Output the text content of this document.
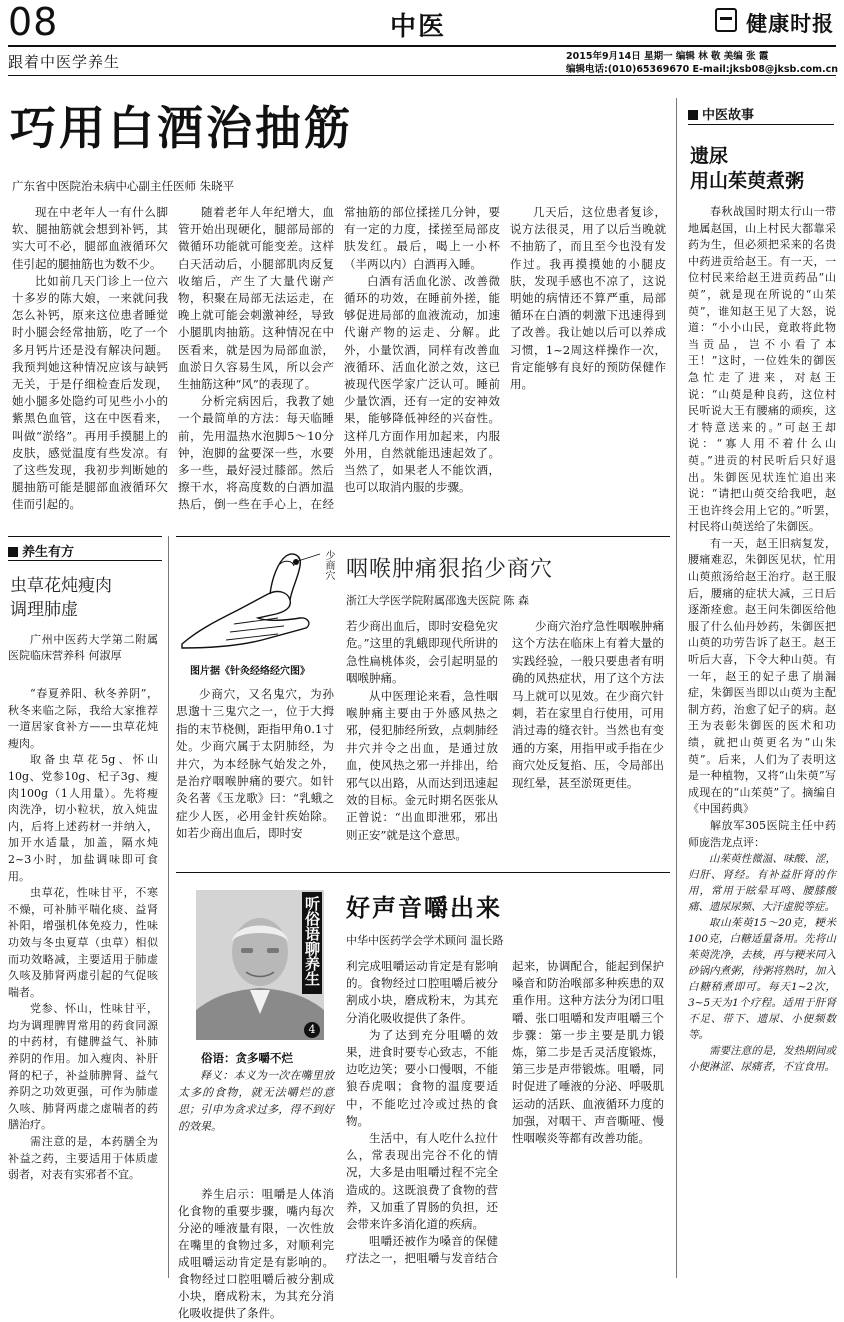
08	中医	健康时报
跟着中医学养生	2015年9月14日 星期一 编辑 林 敬 美编 张 霞
编辑电话:(010)65369670 E-mail:jksb08@jksb.com.cn
巧用白酒治抽筋
广东省中医院治未病中心副主任医师 朱晓平

现在中老年人一有什么脚软、腿抽筋就会想到补钙，其实大可不必，腿部血液循环欠佳引起的腿抽筋也为数不少。

比如前几天门诊上一位六十多岁的陈大娘，一来就问我怎么补钙，原来这位患者睡觉时小腿会经常抽筋，吃了一个多月钙片还是没有解决问题。我预判她这种情况应该与缺钙无关，于是仔细检查后发现，她小腿多处隐约可见些小小的紫黑色血管，这在中医看来，叫做“淤络”。再用手摸腿上的皮肤，感觉温度有些发凉。有了这些发现，我初步判断她的腿抽筋可能是腿部血液循环欠佳而引起的。

随着老年人年纪增大，血管开始出现硬化，腿部局部的微循环功能就可能变差。这样白天活动后，小腿部肌肉反复收缩后，产生了大量代谢产物，积聚在局部无法运走，在晚上就可能会刺激神经，导致小腿肌肉抽筋。这种情况在中医看来，就是因为局部血淤，血淤日久容易生风，所以会产生抽筋这种“风”的表现了。

分析完病因后，我教了她一个最简单的方法：每天临睡前，先用温热水泡脚5～10分钟，泡脚的盆要深一些，水要多一些，最好浸过膝部。然后擦干水，将高度数的白酒加温热后，倒一些在手心上，在经常抽筋的部位揉搓几分钟，要有一定的力度，揉搓至局部皮肤发红。最后，喝上一小杯（半两以内）白酒再入睡。

白酒有活血化淤、改善微循环的功效，在睡前外搓，能够促进局部的血液流动，加速代谢产物的运走、分解。此外，小量饮酒，同样有改善血液循环、活血化淤之效，这已被现代医学家广泛认可。睡前少量饮酒，还有一定的安神效果，能够降低神经的兴奋性。这样几方面作用加起来，内服外用，自然就能迅速起效了。当然了，如果老人不能饮酒，也可以取消内服的步骤。

几天后，这位患者复诊，说方法很灵，用了以后当晚就不抽筋了，而且至今也没有发作过。我再摸摸她的小腿皮肤，发现手感也不凉了，这说明她的病情还不算严重，局部循环在白酒的刺激下迅速得到了改善。我让她以后可以养成习惯，1~2周这样操作一次，肯定能够有良好的预防保健作用。

中医故事
遗尿
用山茱萸煮粥

春秋战国时期太行山一带地属赵国，山上村民大都靠采药为生，但必须把采来的名贵中药进贡给赵王。有一天，一位村民来给赵王进贡药品“山萸”，就是现在所说的“山茱萸”，谁知赵王见了大怒，说道：“小小山民，竟敢将此物当贡品，岂不小看了本王！”这时，一位姓朱的御医急忙走了进来，对赵王说：“山萸是种良药，这位村民听说大王有腰痛的顽疾，这才特意送来的。”可赵王却说：“寡人用不着什么山萸。”进贡的村民听后只好退出。朱御医见状连忙追出来说：“请把山萸交给我吧，赵王也许终会用上它的。”听罢，村民将山萸送给了朱御医。

有一天，赵王旧病复发，腰痛难忍，朱御医见状，忙用山萸煎汤给赵王治疗。赵王服后，腰痛的症状大减，三日后逐渐痊愈。赵王问朱御医给他服了什么仙丹妙药，朱御医把山萸的功劳告诉了赵王。赵王听后大喜，下令大种山萸。有一年，赵王的妃子患了崩漏症，朱御医当即以山萸为主配制方药，治愈了妃子的病。赵王为表彰朱御医的医术和功绩，就把山萸更名为“山朱萸”。后来，人们为了表明这是一种植物，又将“山朱萸”写成现在的“山茱萸”了。摘编自《中国药典》

解放军305医院主任中药师庞浩龙点评：

山茱萸性微温、味酸、涩，归肝、肾经。有补益肝肾的作用，常用于眩晕耳鸣、腰膝酸痛、遗尿尿频、大汗虚脱等症。

取山茱萸15～20克，粳米100克，白糖适量备用。先将山茱萸洗净，去核，再与粳米同入砂锅内煮粥，待粥将熟时，加入白糖稍煮即可。每天1~2次，3~5天为1个疗程。适用于肝肾不足、带下、遗尿、小便频数等。

需要注意的是，发热期间或小便淋涩、尿痛者，不宜食用。

养生有方
虫草花炖瘦肉
调理肺虚

广州中医药大学第二附属医院临床营养科 何淑厚

“春夏养阳、秋冬养阴”，秋冬来临之际，我给大家推荐一道居家食补方——虫草花炖瘦肉。

取备虫草花5g、怀山10g、党参10g、杞子3g、瘦肉100g（1人用量）。先将瘦肉洗净，切小粒状，放入炖盅内，后将上述药材一并纳入，加开水适量，加盖，隔水炖2~3小时，加盐调味即可食用。

虫草花，性味甘平，不寒不燥，可补肺平喘化痰、益肾补阳，增强机体免疫力，性味功效与冬虫夏草（虫草）相似而功效略减，主要适用于肺虚久咳及肺肾两虚引起的气促咳喘者。

党参、怀山，性味甘平，均为调理脾胃常用的药食同源的中药材，有健脾益气、补肺养阴的作用。加入瘦肉、补肝肾的杞子，补益肺脾肾、益气养阴之功效更强，可作为肺虚久咳、肺肾两虚之虚喘者的药膳治疗。

需注意的是，本药膳全为补益之药，主要适用于体质虚弱者，对表有实邪者不宜。

少商穴
图片据《针灸经络经穴图》
咽喉肿痛狠掐少商穴
浙江大学医学院附属邵逸夫医院 陈 森

少商穴，又名鬼穴，为孙思邈十三鬼穴之一，位于大拇指的末节桡侧，距指甲角0.1寸处。少商穴属于太阴肺经，为井穴，为本经脉气始发之外，是治疗咽喉肿痛的要穴。如针灸名著《玉龙歌》曰：“乳蛾之症少人医，必用金针疾始除。如若少商出血后，即时安

若少商出血后，即时安稳免灾危。”这里的乳蛾即现代所讲的急性扁桃体炎，会引起明显的咽喉肿痛。

从中医理论来看，急性咽喉肿痛主要由于外感风热之邪，侵犯肺经所致，点刺肺经井穴并令之出血，是通过放血，使风热之邪一并排出，给邪气以出路，从而达到迅速起效的目标。金元时期名医张从正曾说：“出血即泄邪，邪出则正安”就是这个意思。

少商穴治疗急性咽喉肿痛这个方法在临床上有着大量的实践经验，一般只要患者有明确的风热症状，用了这个方法马上就可以见效。在少商穴针刺，若在家里自行使用，可用消过毒的缝衣针。当然也有变通的方案，用指甲或手指在少商穴处反复掐、压，令局部出现红晕，甚至淤斑更佳。

听俗语聊养生
4
好声音嚼出来
中华中医药学会学术顾问 温长路

俗语：贪多嚼不烂

释义：本义为一次在嘴里放太多的食物，就无法嚼烂的意思；引申为贪求过多，得不到好的效果。

养生启示：咀嚼是人体消化食物的重要步骤，嘴内每次分泌的唾液量有限，一次性放在嘴里的食物过多，对顺利完成咀嚼运动肯定是有影响的。食物经过口腔咀嚼后被分割成小块，磨成粉末，为其充分消化吸收提供了条件。

利完成咀嚼运动肯定是有影响的。食物经过口腔咀嚼后被分割成小块，磨成粉末，为其充分消化吸收提供了条件。

为了达到充分咀嚼的效果，进食时要专心致志，不能边吃边笑；要小口慢咽，不能狼吞虎咽；食物的温度要适中，不能吃过冷或过热的食物。

生活中，有人吃什么拉什么，常表现出完谷不化的情况，大多是由咀嚼过程不完全造成的。这既浪费了食物的营养，又加重了胃肠的负担，还会带来许多消化道的疾病。

咀嚼还被作为嗓音的保健疗法之一，把咀嚼与发音结合起来，协调配合，能起到保护嗓音和防治喉部多种疾患的双重作用。这种方法分为闭口咀嚼、张口咀嚼和发声咀嚼三个步骤：第一步主要是肌力锻炼，第二步是舌灵活度锻炼，第三步是声带锻炼。咀嚼，同时促进了唾液的分泌、呼吸肌运动的活跃、血液循环力度的加强，对咽干、声音嘶哑、慢性咽喉炎等都有改善功能。
